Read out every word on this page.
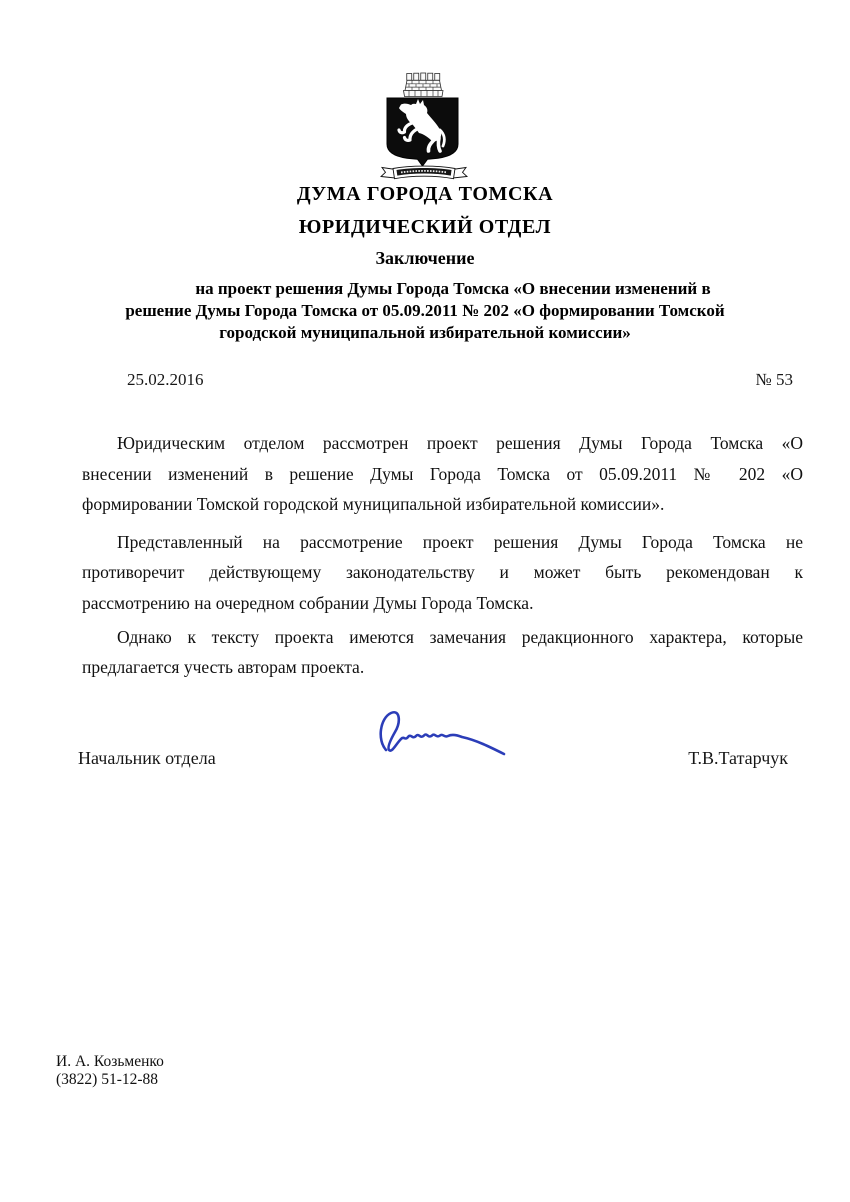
ДУМА ГОРОДА ТОМСКА
ЮРИДИЧЕСКИЙ ОТДЕЛ
Заключение
на проект решения Думы Города Томска «О внесении изменений в
решение Думы Города Томска от 05.09.2011 № 202 «О формировании Томской
городской муниципальной избирательной комиссии»
25.02.2016	№ 53

Юридическим отделом рассмотрен проект решения Думы Города Томска «О
внесении изменений в решение Думы Города Томска от 05.09.2011 № 202 «О
формировании Томской городской муниципальной избирательной комиссии».

Представленный на рассмотрение проект решения Думы Города Томска не
противоречит действующему законодательству и может быть рекомендован к
рассмотрению на очередном собрании Думы Города Томска.

Однако к тексту проекта имеются замечания редакционного характера, которые
предлагается учесть авторам проекта.

Начальник отдела	Т.В.Татарчук
И. А. Козьменко
(3822) 51-12-88
